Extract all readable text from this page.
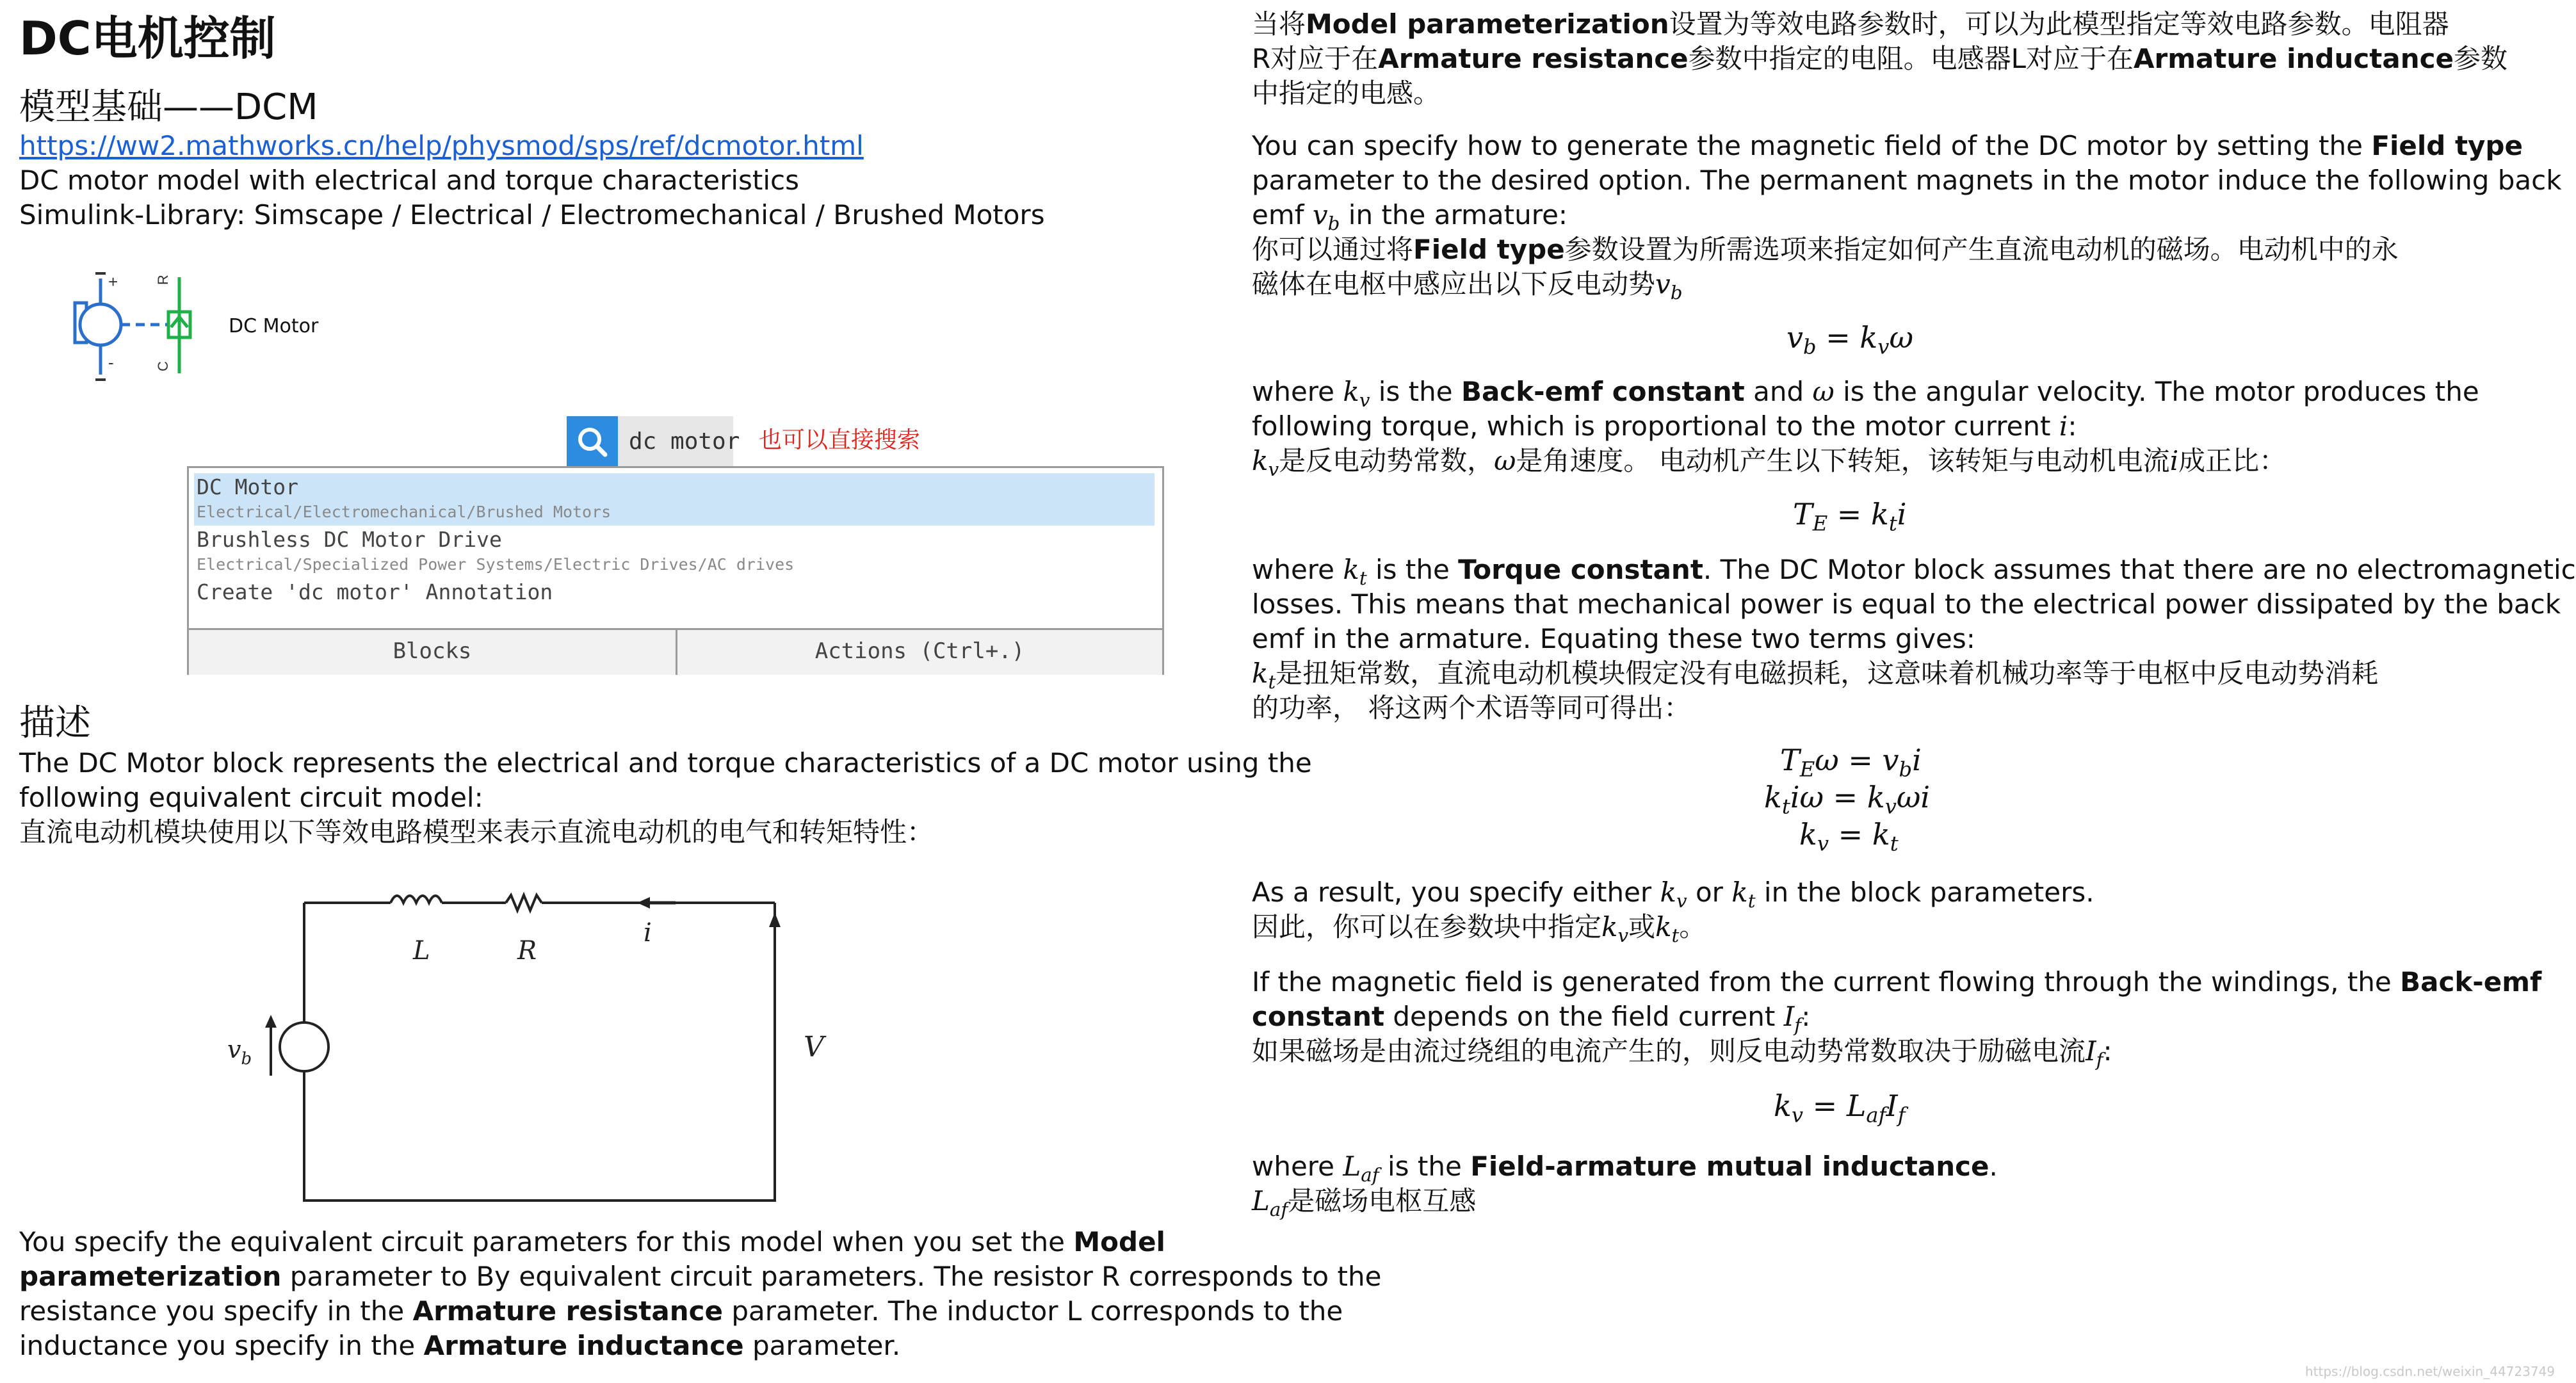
DC电机控制
模型基础——DCM
https://ww2.mathworks.cn/help/physmod/sps/ref/dcmotor.html
DC motor model with electrical and torque characteristics
Simulink-Library: Simscape / Electrical / Electromechanical / Brushed Motors
R
C
+
-
DC Motor
dc motor 也可以直接搜索
DC Motor
Electrical/Electromechanical/Brushed Motors
Brushless DC Motor Drive
Electrical/Specialized Power Systems/Electric Drives/AC drives
Create 'dc motor' Annotation
Blocks	Actions (Ctrl+.)
描述
The DC Motor block represents the electrical and torque characteristics of a DC motor using the
following equivalent circuit model:
直流电动机模块使用以下等效电路模型来表示直流电动机的电气和转矩特性：
L	R
i
$v_b$	V
You specify the equivalent circuit parameters for this model when you set the Model
parameterization parameter to By equivalent circuit parameters. The resistor R corresponds to the
resistance you specify in the Armature resistance parameter. The inductor L corresponds to the
inductance you specify in the Armature inductance parameter.
当将Model parameterization设置为等效电路参数时，可以为此模型指定等效电路参数。电阻器
R对应于在Armature resistance参数中指定的电阻。电感器L对应于在Armature inductance参数
中指定的电感。
You can specify how to generate the magnetic field of the DC motor by setting the Field type
parameter to the desired option. The permanent magnets in the motor induce the following back
emf $v_b$ in the armature:
你可以通过将Field type参数设置为所需选项来指定如何产生直流电动机的磁场。电动机中的永
磁体在电枢中感应出以下反电动势$v_b$
$v_b = k_v\omega$
where $k_v$ is the Back-emf constant and ω is the angular velocity. The motor produces the
following torque, which is proportional to the motor current i:
$k_v$是反电动势常数，ω是角速度。 电动机产生以下转矩，该转矩与电动机电流i成正比：
$T_E = k_ti$
where $k_t$ is the Torque constant. The DC Motor block assumes that there are no electromagnetic
losses. This means that mechanical power is equal to the electrical power dissipated by the back
emf in the armature. Equating these two terms gives:
$k_t$是扭矩常数，直流电动机模块假定没有电磁损耗，这意味着机械功率等于电枢中反电动势消耗
的功率， 将这两个术语等同可得出：
$T_E\omega = v_bi$
$k_ti\omega = k_v\omega i$
$k_v = k_t$
As a result, you specify either $k_v$ or $k_t$ in the block parameters.
因此，你可以在参数块中指定$k_v$或$k_t$。
If the magnetic field is generated from the current flowing through the windings, the Back-emf
constant depends on the field current $I_f$:
如果磁场是由流过绕组的电流产生的，则反电动势常数取决于励磁电流$I_f$:
$k_v = L_{af}I_f$
where $L_{af}$ is the Field-armature mutual inductance.
$L_{af}$是磁场电枢互感
https://blog.csdn.net/weixin_44723749
